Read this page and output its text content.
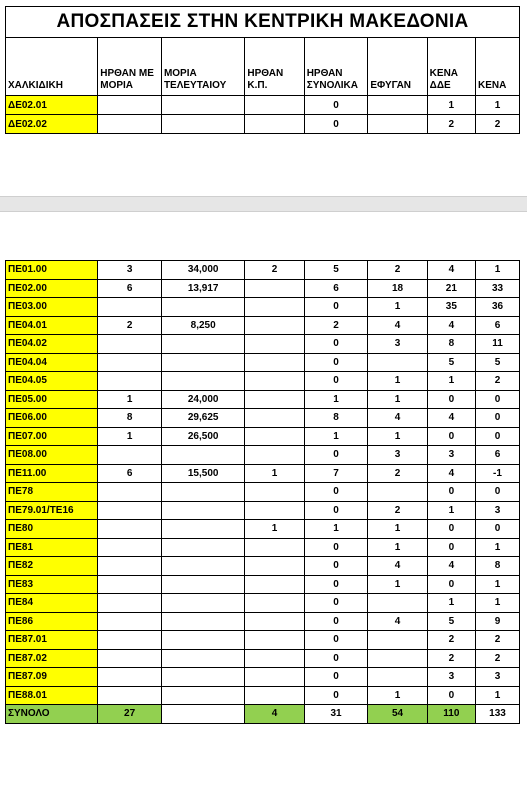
ΑΠΟΣΠΑΣΕΙΣ ΣΤΗΝ ΚΕΝΤΡΙΚΗ ΜΑΚΕΔΟΝΙΑ							
ΧΑΛΚΙΔΙΚΗ	ΗΡΘΑΝ ΜΕ ΜΟΡΙΑ	ΜΟΡΙΑ ΤΕΛΕΥΤΑΙΟΥ	ΗΡΘΑΝ Κ.Π.	ΗΡΘΑΝ ΣΥΝΟΛΙΚΑ	ΕΦΥΓΑΝ	ΚΕΝΑ ΔΔΕ	ΚΕΝΑ
ΔΕ02.01				0		1	1
ΔΕ02.02				0		2	2
ΠΕ01.00	3	34,000	2	5	2	4	1
ΠΕ02.00	6	13,917		6	18	21	33
ΠΕ03.00				0	1	35	36
ΠΕ04.01	2	8,250		2	4	4	6
ΠΕ04.02				0	3	8	11
ΠΕ04.04				0		5	5
ΠΕ04.05				0	1	1	2
ΠΕ05.00	1	24,000		1	1	0	0
ΠΕ06.00	8	29,625		8	4	4	0
ΠΕ07.00	1	26,500		1	1	0	0
ΠΕ08.00				0	3	3	6
ΠΕ11.00	6	15,500	1	7	2	4	-1
ΠΕ78				0		0	0
ΠΕ79.01/ΤΕ16				0	2	1	3
ΠΕ80			1	1	1	0	0
ΠΕ81				0	1	0	1
ΠΕ82				0	4	4	8
ΠΕ83				0	1	0	1
ΠΕ84				0		1	1
ΠΕ86				0	4	5	9
ΠΕ87.01				0		2	2
ΠΕ87.02				0		2	2
ΠΕ87.09				0		3	3
ΠΕ88.01				0	1	0	1
ΣΥΝΟΛΟ	27		4	31	54	110	133
